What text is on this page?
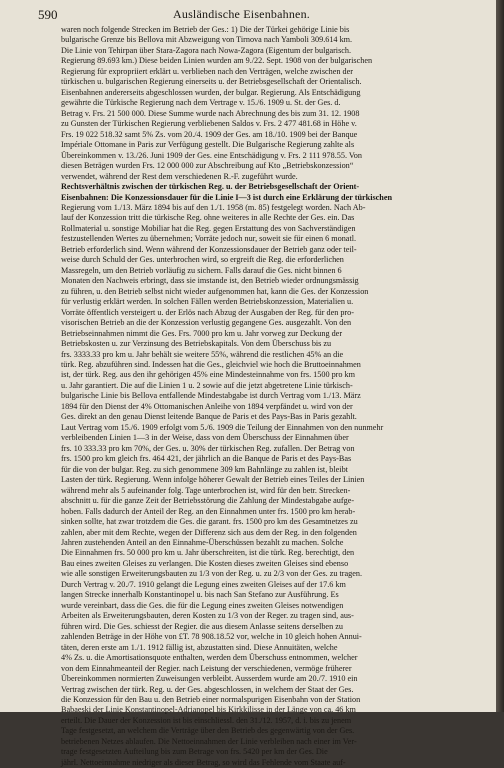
590	Ausländische Eisenbahnen.
waren noch folgende Strecken im Betrieb der Ges.: 1) Die der Türkei gehörige Linie bis
bulgarische Grenze bis Bellova mit Abzweigung von Tirnova nach Yamboli 309.614 km.
Die Linie von Tehirpan über Stara-Zagora nach Nowa-Zagora (Eigentum der bulgarisch.
Regierung 89.693 km.) Diese beiden Linien wurden am 9./22. Sept. 1908 von der bulgarischen
Regierung für expropriiert erklärt u. verblieben nach den Verträgen, welche zwischen der
türkischen u. bulgarischen Regierung einerseits u. der Betriebsgesellschaft der Orientalisch.
Eisenbahnen andererseits abgeschlossen wurden, der bulgar. Regierung. Als Entschädigung
gewährte die Türkische Regierung nach dem Vertrage v. 15./6. 1909 u. St. der Ges. d.
Betrag v. Frs. 21 500 000. Diese Summe wurde nach Abrechnung des bis zum 31. 12. 1908
zu Gunsten der Türkischen Regierung verbliebenen Saldos v. Frs. 2 477 481.68 in Höhe v.
Frs. 19 022 518.32 samt 5% Zs. vom 20./4. 1909 der Ges. am 18./10. 1909 bei der Banque
Impériale Ottomane in Paris zur Verfügung gestellt. Die Bulgarische Regierung zahlte als
Übereinkommen v. 13./26. Juni 1909 der Ges. eine Entschädigung v. Frs. 2 111 978.55. Von
diesen Beträgen wurden Frs. 12 000 000 zur Abschreibung auf Kto „Betriebskonzession“
verwendet, während der Rest dem verschiedenen R.-F. zugeführt wurde.
Rechtsverhältnis zwischen der türkischen Reg. u. der Betriebsgesellschaft der Orient-
Eisenbahnen: Die Konzessionsdauer für die Linie I—3 ist durch eine Erklärung der türkischen
Regierung vom 1./13. März 1894 bis auf den 1./1. 1958 (m. 85) festgelegt worden. Nach Ab-
lauf der Konzession tritt die türkische Reg. ohne weiteres in alle Rechte der Ges. ein. Das
Rollmaterial u. sonstige Mobiliar hat die Reg. gegen Erstattung des von Sachverständigen
festzustellenden Wertes zu übernehmen; Vorräte jedoch nur, soweit sie für einen 6 monatl.
Betrieb erforderlich sind. Wenn während der Konzessionsdauer der Betrieb ganz oder teil-
weise durch Schuld der Ges. unterbrochen wird, so ergreift die Reg. die erforderlichen
Massregeln, um den Betrieb vorläufig zu sichern. Falls darauf die Ges. nicht binnen 6
Monaten den Nachweis erbringt, dass sie imstande ist, den Betrieb wieder ordnungsmässig
zu führen, u. den Betrieb selbst nicht wieder aufgenommen hat, kann die Ges. der Konzession
für verlustig erklärt werden. In solchen Fällen werden Betriebskonzession, Materialien u.
Vorräte öffentlich versteigert u. der Erlös nach Abzug der Ausgaben der Reg. für den pro-
visorischen Betrieb an die der Konzession verlustig gegangene Ges. ausgezahlt. Von den
Betriebseinnahmen nimmt die Ges. Frs. 7000 pro km u. Jahr vorweg zur Deckung der
Betriebskosten u. zur Verzinsung des Betriebskapitals. Von dem Überschuss bis zu
frs. 3333.33 pro km u. Jahr behält sie weitere 55%, während die restlichen 45% an die
türk. Reg. abzuführen sind. Indessen hat die Ges., gleichviel wie hoch die Bruttoeinnahmen
ist, der türk. Reg. aus den ihr gehörigen 45% eine Mindesteinnahme von frs. 1500 pro km
u. Jahr garantiert. Die auf die Linien 1 u. 2 sowie auf die jetzt abgetretene Linie türkisch-
bulgarische Linie bis Bellova entfallende Mindestabgabe ist durch Vertrag vom 1./13. März
1894 für den Dienst der 4% Ottomanischen Anleihe von 1894 verpfändet u. wird von der
Ges. direkt an den genau Dienst leitende Banque de Paris et des Pays-Bas in Paris gezahlt.
Laut Vertrag vom 15./6. 1909 erfolgt vom 5./6. 1909 die Teilung der Einnahmen von den nunmehr
verbleibenden Linien 1—3 in der Weise, dass von dem Überschuss der Einnahmen über
frs. 10 333.33 pro km 70%, der Ges. u. 30% der türkischen Reg. zufallen. Der Betrag von
frs. 1500 pro km gleich frs. 464 421, der jährlich an die Banque de Paris et des Pays-Bas
für die von der bulgar. Reg. zu sich genommene 309 km Bahnlänge zu zahlen ist, bleibt
Lasten der türk. Regierung. Wenn infolge höherer Gewalt der Betrieb eines Teiles der Linien
während mehr als 5 aufeinander folg. Tage unterbrochen ist, wird für den betr. Strecken-
abschnitt u. für die ganze Zeit der Betriebsstörung die Zahlung der Mindestabgabe aufge-
hoben. Falls dadurch der Anteil der Reg. an den Einnahmen unter frs. 1500 pro km herab-
sinken sollte, hat zwar trotzdem die Ges. die garant. frs. 1500 pro km des Gesamtnetzes zu
zahlen, aber mit dem Rechte, wegen der Differenz sich aus dem der Reg. in den folgenden
Jahren zustehenden Anteil an den Einnahme-Überschüssen bezahlt zu machen. Solche
Die Einnahmen frs. 50 000 pro km u. Jahr überschreiten, ist die türk. Reg. berechtigt, den
Bau eines zweiten Gleises zu verlangen. Die Kosten dieses zweiten Gleises sind ebenso
wie alle sonstigen Erweiterungsbauten zu 1/3 von der Reg. u. zu 2/3 von der Ges. zu tragen.
Durch Vertrag v. 20./7. 1910 gelangt die Legung eines zweiten Gleises auf der 17.6 km
langen Strecke innerhalb Konstantinopel u. bis nach San Stefano zur Ausführung. Es
wurde vereinbart, dass die Ges. die für die Legung eines zweiten Gleises notwendigen
Arbeiten als Erweiterungsbauten, deren Kosten zu 1/3 von der Reger. zu tragen sind, aus-
führen wird. Die Ges. schiesst der Regier. die aus diesem Anlasse seitens derselben zu
zahlenden Beträge in der Höhe von £T. 78 908.18.52 vor, welche in 10 gleich hohen Annui-
täten, deren erste am 1./1. 1912 fällig ist, abzustatten sind. Diese Annuitäten, welche
4% Zs. u. die Amortisationsquote enthalten, werden dem Überschuss entnommen, welcher
von dem Einnahmeanteil der Regier. nach Leistung der verschiedenen, vermöge früherer
Übereinkommen normierten Zuweisungen verbleibt. Ausserdem wurde am 20./7. 1910 ein
Vertrag zwischen der türk. Reg. u. der Ges. abgeschlossen, in welchem der Staat der Ges.
die Konzession für den Bau u. den Betrieb einer normalspurigen Eisenbahn von der Station
Babaeski der Linie Konstantinopel-Adrianopel bis Kirkkilisse in der Länge von ca. 46 km
erteilt. Die Dauer der Konzession ist bis einschliessl. den 31./12. 1957, d. i. bis zu jenem
Tage festgesetzt, an welchem die Verträge über den Betrieb des gegenwärtig von der Ges.
betriebenen Netzes ablaufen. Die Nettoeinnahmen der Linie verbleiben nach einer im Ver-
trage festgesetzten Aufteilung bis zum Betrage von frs. 5420 per km der Ges. Die
jährl. Nettoeinnahme niedriger als dieser Betrag, so wird das Fehlende vom Staate auf-
